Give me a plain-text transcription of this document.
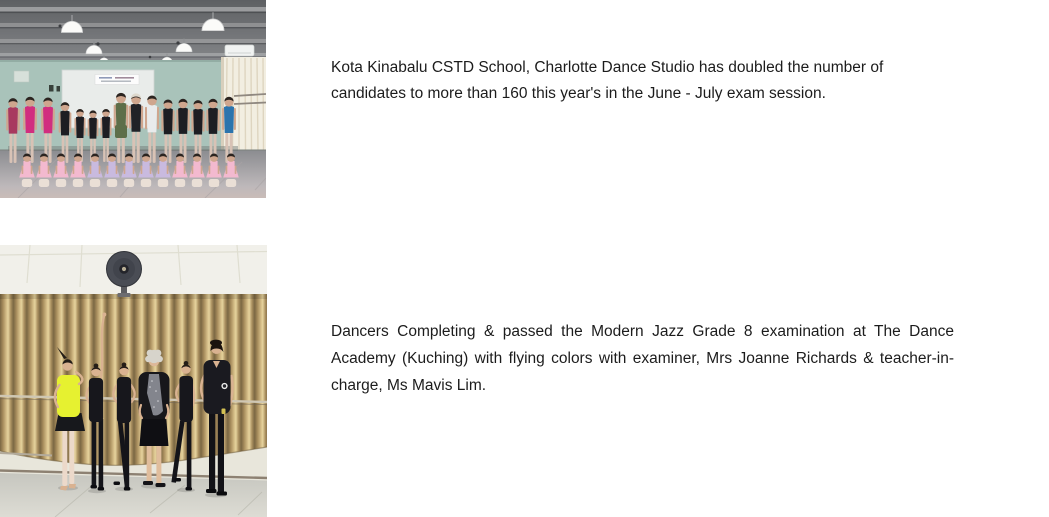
Kota Kinabalu CSTD School, Charlotte Dance Studio has doubled the number of
candidates to more than 160 this year's in the June - July exam session.
Dancers Completing & passed the Modern Jazz Grade 8 examination at The Dance
Academy (Kuching) with flying colors with examiner, Mrs Joanne Richards & teacher-in-
charge, Ms Mavis Lim.
